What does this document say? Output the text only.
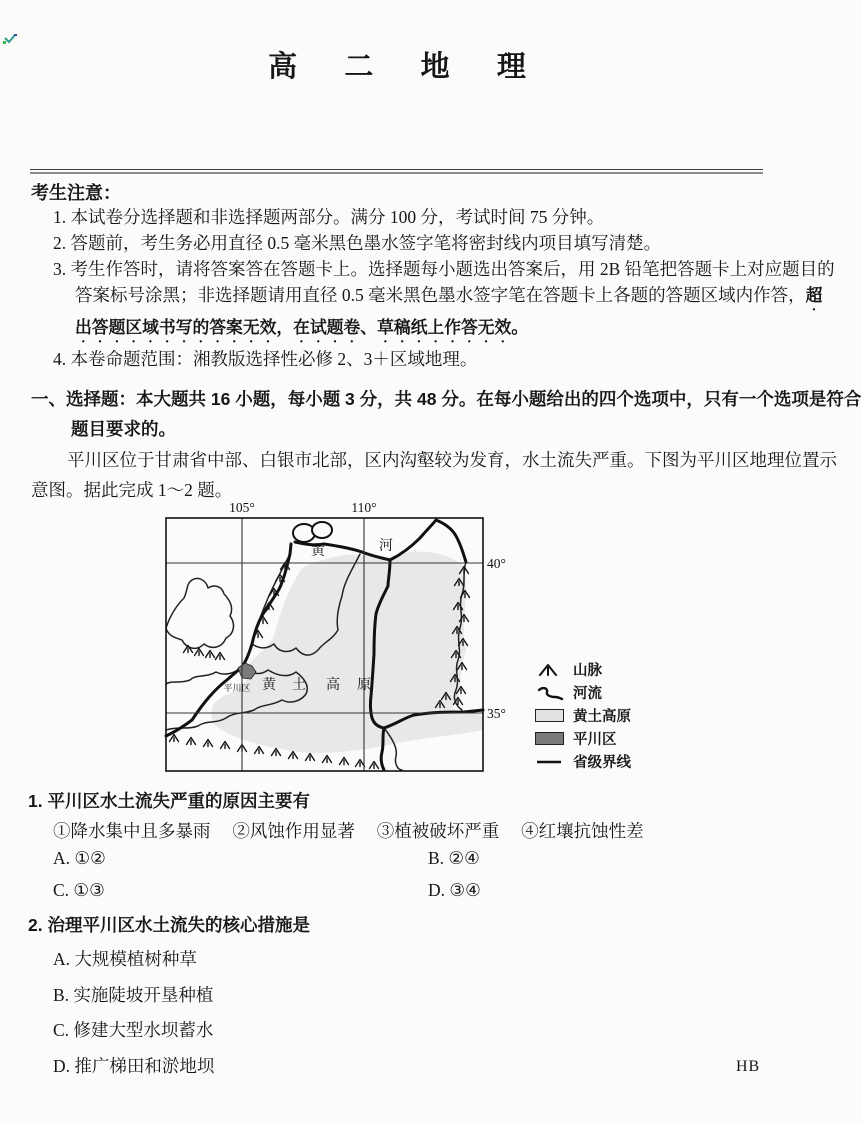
高 二 地 理
考生注意：
1. 本试卷分选择题和非选择题两部分。满分 100 分，考试时间 75 分钟。
2. 答题前，考生务必用直径 0.5 毫米黑色墨水签字笔将密封线内项目填写清楚。
3. 考生作答时，请将答案答在答题卡上。选择题每小题选出答案后，用 2B 铅笔把答题卡上对应题目的
答案标号涂黑；非选择题请用直径 0.5 毫米黑色墨水签字笔在答题卡上各题的答题区域内作答，超
出答题区域书写的答案无效，在试题卷、草稿纸上作答无效。
4. 本卷命题范围：湘教版选择性必修 2、3＋区域地理。
一、选择题：本大题共 16 小题，每小题 3 分，共 48 分。在每小题给出的四个选项中，只有一个选项是符合
题目要求的。
平川区位于甘肃省中部、白银市北部，区内沟壑较为发育，水土流失严重。下图为平川区地理位置示
意图。据此完成 1～2 题。
105°	110°
40°
35°
黄	河
黄 土 高 原
平川区
山脉
河流
黄土高原
平川区
省级界线
1. 平川区水土流失严重的原因主要有
①降水集中且多暴雨　 ②风蚀作用显著　 ③植被破坏严重　 ④红壤抗蚀性差
A. ①②	B. ②④
C. ①③	D. ③④
2. 治理平川区水土流失的核心措施是
A. 大规模植树种草
B. 实施陡坡开垦种植
C. 修建大型水坝蓄水
D. 推广梯田和淤地坝	HB
